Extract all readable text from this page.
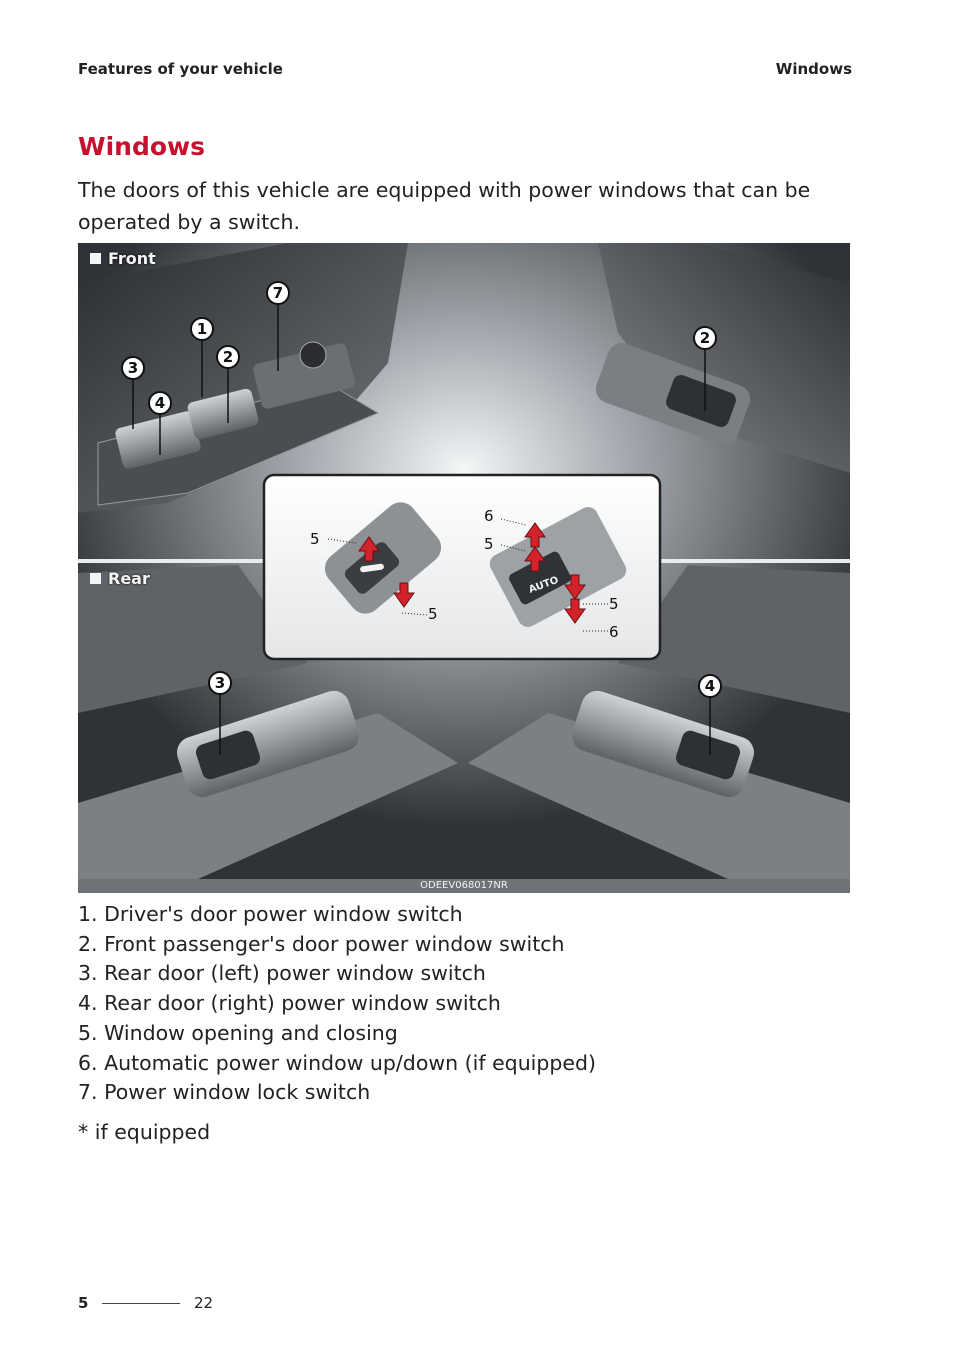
Features of your vehicle	Windows
Windows

The doors of this vehicle are equipped with power windows that can be operated by a switch.

AUTO
Front
Rear
1
2
3
4
7
2
3	4
5
5
6
5
5
6
ODEEV068017NR
1. Driver's door power window switch
2. Front passenger's door power window switch
3. Rear door (left) power window switch
4. Rear door (right) power window switch
5. Window opening and closing
6. Automatic power window up/down (if equipped)
7. Power window lock switch

* if equipped

5	22
